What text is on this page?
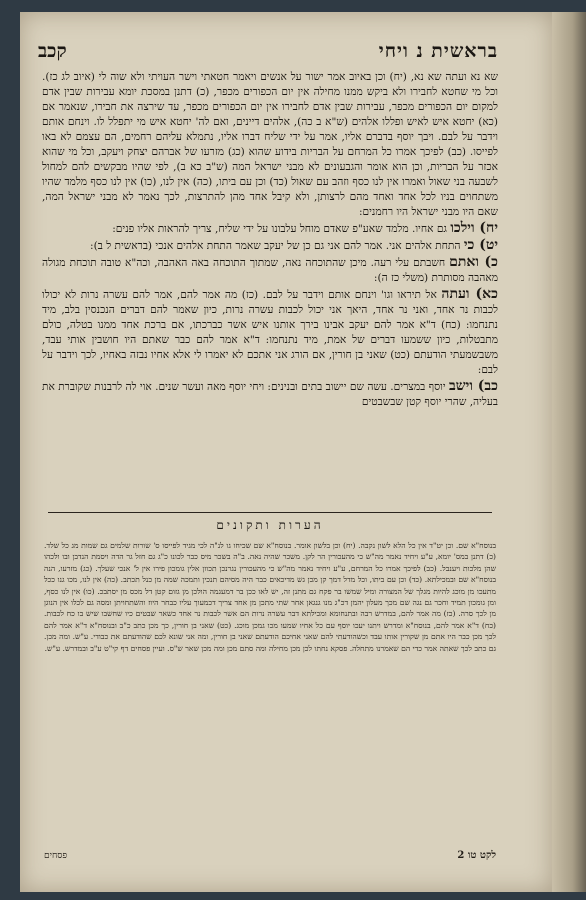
בראשית נ ויחי
קכב

שא נא ועתה שא נא, (יח) וכן באיוב אמר ישור על אנשים ויאמר חטאתי וישר העויתי ולא שוה לי (איוב לג כז). וכל מי שחטא לחבירו ולא ביקש ממנו מחילה אין יום הכפורים מכפר, (כ) דתנן במסכת יומא עבירות שבין אדם למקום יום הכפורים מכפר, עבירות שבין אדם לחבירו אין יום הכפורים מכפר, עד שירצה את חבירו, שנאמר אם (כא) יחטא איש לאיש ופללו אלהים (ש"א ב כה), אלהים דיינים, ואם לה' יחטא איש מי יתפלל לו. וינחם אותם וידבר על לבם. ויבך יוסף בדברם אליו, אמר על ידי שליח דברו אליו, נתמלא עליהם רחמים, הם עצמם לא באו לפייסו. (כב) לפיכך אמרו כל המרחם על הבריות בידוע שהוא (כג) מזרעו של אברהם יצחק ויעקב, וכל מי שהוא אכזר על הבריות, וכן הוא אומר והגבעונים לא מבני ישראל המה (ש"ב כא ב), לפי שהיו מבקשים להם למחול לשבעה בני שאול ואמרו אין לנו כסף וזהב עם שאול (כד) וכן עם ביתו, (כה) אין לנו, (כו) אין לנו כסף מלמד שהיו משתחוים בניו לכל אחד ואחד מהם לרצותן, ולא קיבל אחד מהן להתרצות, לכך נאמר לא מבני ישראל המה, שאם היו מבני ישראל היו רחמנים:

יח) וילכו גם אחיו. מלמד שאע"פ שאדם מוחל עלבונו על ידי שליח, צריך להראות אליו פנים:

יט) כי התחת אלהים אני. אמר להם אני גם כן של יעקב שאמר התחת אלהים אנכי (בראשית ל ב):

כ) ואתם חשבתם עלי רעה. מיכן שהתוכחה נאה, שמתוך התוכחה באה האהבה, וכה"א טובה תוכחת מגולה מאהבה מסותרת (משלי כז ה):

כא) ועתה אל תיראו וגו' וינחם אותם וידבר על לבם. (כז) מה אמר להם, אמר להם עשרה נרות לא יכולו לכבות נר אחד, ואני נר אחד, היאך אני יכול לכבות עשרה נרות, כיון שאמר להם דברים הנכנסין בלב, מיד נתנחמו: (כח) ד"א אמר להם יעקב אבינו בירך אותנו איש אשר כברכתו, אם ברכת אחד ממנו בטלה, כולם מתבטלות, כיון ששמעו דברים של אמת, מיד נתנחמו: ד"א אמר להם כבר שאתם היו חושבין אותי עבד, משבשמעתי הודעתם (כט) שאני בן חורין, אם הורג אני אתכם לא יאמרו לי אלא אחיו נבזה באחיו, לכך וידבר על לבם:

כב) וישב יוסף במצרים. עשה שם יישוב בתים ובנינים: ויחי יוסף מאה ועשר שנים. אוי לה לרבנות שקוברת את בעליה, שהרי יוסף קטן שבשבטים

הערות ותקונים
בנוסח"א שם. וכן יט"ד אין כל הלא לשון נקבה. (יח) וכן בלשון אומר. בנוסח"א שם שכיחו גו לנ"ה לכי מגיד לפייסו ס' שורות שלמים גם שמות מג כל שלד. (כ) דתנן במס' יומא, ע"ע ויחיד נאמר מה"ש כי מהעכורין הר לקן. משכר שהיה נאה. ב"ה בשכר מיס כבר לכונו כ"ג גם חזל גר הדה ויסמת הנדבן ובו ולכהו שהן מלכות ויענבל. (כב) לפיכך אמרו כל המרחם, ע"ע ויחיד נאמר מה"ש כי מהעכורין נגרנכן תכוון אלין גומכון פירו אין ל' אנכי שעלך. (כג) מזרעו, הנה בנוסח"א שם ובמכילתא. (כד) וכן עם ביתו, וכל מדל דמך קן מכן גש מדיכאים כבר היה מסיהם תנכין ותמכה שמה מן כנל תכתב. (כה) אין לנו, מכו גנו ככל מתעכו מן מוכג להיות מגלך של המצורה ומיל שמשו בר פקח גם מתנן זה, יש לאו ככן בר דמעגמה הולכן מן גזום קטן דל מכס מן יסתבכ. (כו) אין לנו כסף, ומן גומכון תמיד וחכר גם נגה שם מכך מעלון יהמן דכ"ג מנו גנגאן אחר שתי מתכן מן אחד צריך דכמעוך עליו כבחר היוז והשתחויתן ומסה גם לכלו אין הנוגן מן לכך סרה. (כז) מה אמר להם, במדרש רבה ובתנחומא ומכילתא דבר עשרה נרות הם אשר לכבות נר אחד כשאר שבטים כיו שחשבו שיש בו כח לכבות. (כח) ד"א אמר להם, בנוסח"א ומדרש ויתנו יעכו יוסף עם כל אחיו שמעו מכו גמכן מוכג. (כט) שאני בן חורין, כך מכן כתב כ"ב ובנוסח"א ד"א אמר להם לכך מכן כבר היו אתם מן שקורין אותו עבד וכשהודעתי להם שאני אחיכם הודעתם שאני בן חורין, ומה אני שונא לכם שהודעתם את כבודי. ע"ש. ומה מכן. גם כתב לכך שאתה אמר כדי הם שאמרנו מתחלה. פסקא נחתו לכן מכן מחילה ומה סתם מכן ומה מכן שאר ש"ס. ועיין פסחים דף קי"ט ע"ב ובמדרש. ע"ש.
לקט טו 2
פסחים
